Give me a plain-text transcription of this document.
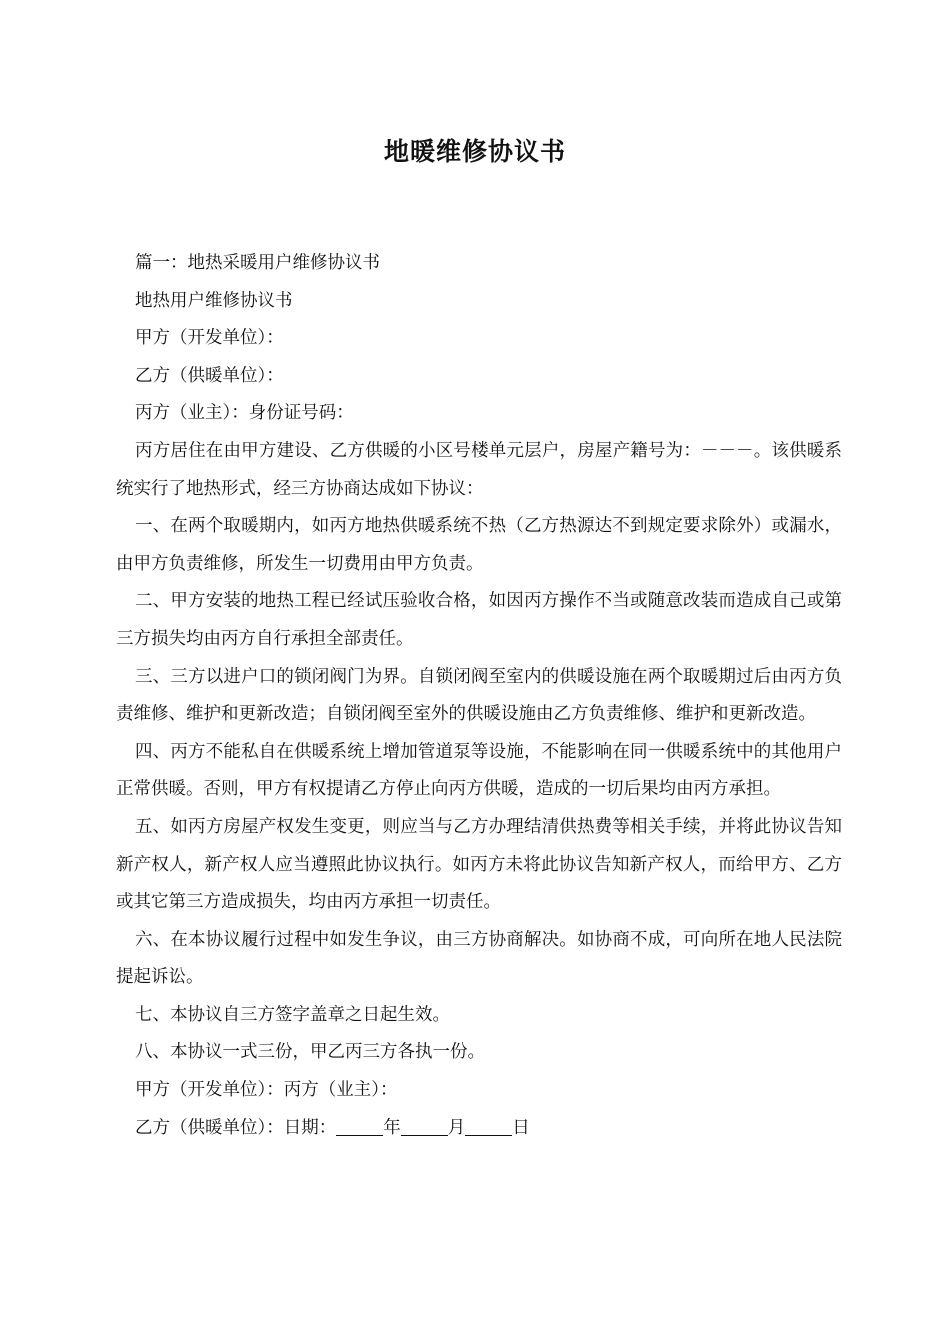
地暖维修协议书

篇一：地热采暖用户维修协议书

地热用户维修协议书

甲方（开发单位）：

乙方（供暖单位）：

丙方（业主）：身份证号码：

丙方居住在由甲方建设、乙方供暖的小区号楼单元层户，房屋产籍号为：－－－。该供暖系统实行了地热形式，经三方协商达成如下协议：

一、在两个取暖期内，如丙方地热供暖系统不热（乙方热源达不到规定要求除外）或漏水，由甲方负责维修，所发生一切费用由甲方负责。

二、甲方安装的地热工程已经试压验收合格，如因丙方操作不当或随意改装而造成自己或第三方损失均由丙方自行承担全部责任。

三、三方以进户口的锁闭阀门为界。自锁闭阀至室内的供暖设施在两个取暖期过后由丙方负责维修、维护和更新改造；自锁闭阀至室外的供暖设施由乙方负责维修、维护和更新改造。

四、丙方不能私自在供暖系统上增加管道泵等设施，不能影响在同一供暖系统中的其他用户正常供暖。否则，甲方有权提请乙方停止向丙方供暖，造成的一切后果均由丙方承担。

五、如丙方房屋产权发生变更，则应当与乙方办理结清供热费等相关手续，并将此协议告知新产权人，新产权人应当遵照此协议执行。如丙方未将此协议告知新产权人，而给甲方、乙方或其它第三方造成损失，均由丙方承担一切责任。

六、在本协议履行过程中如发生争议，由三方协商解决。如协商不成，可向所在地人民法院提起诉讼。

七、本协议自三方签字盖章之日起生效。

八、本协议一式三份，甲乙丙三方各执一份。

甲方（开发单位）：丙方（业主）：

乙方（供暖单位）：日期：	年	月	日
